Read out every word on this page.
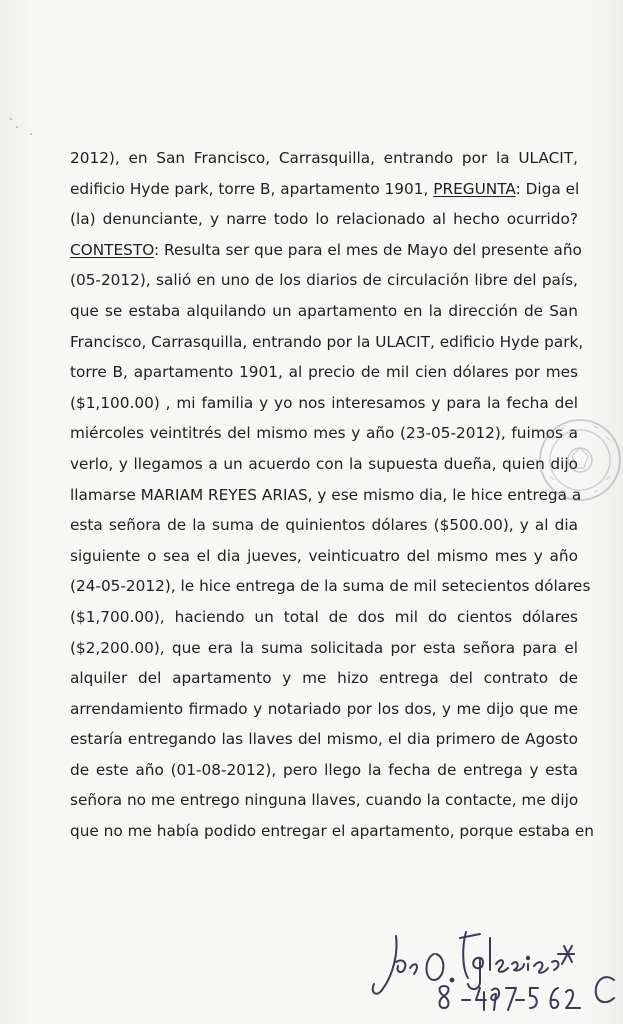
2012), en San Francisco, Carrasquilla, entrando por la ULACIT,
edificio Hyde park, torre B, apartamento 1901, PREGUNTA: Diga el
(la) denunciante, y narre todo lo relacionado al hecho ocurrido?
CONTESTO: Resulta ser que para el mes de Mayo del presente año
(05-2012), salió en uno de los diarios de circulación libre del país,
que se estaba alquilando un apartamento en la dirección de San
Francisco, Carrasquilla, entrando por la ULACIT, edificio Hyde park,
torre B, apartamento 1901, al precio de mil cien dólares por mes
($1,100.00) , mi familia y yo nos interesamos y para la fecha del
miércoles veintitrés del mismo mes y año (23-05-2012), fuimos a
verlo, y llegamos a un acuerdo con la supuesta dueña, quien dijo
llamarse MARIAM REYES ARIAS, y ese mismo dia, le hice entrega a
esta señora de la suma de quinientos dólares ($500.00), y al dia
siguiente o sea el dia jueves, veinticuatro del mismo mes y año
(24-05-2012), le hice entrega de la suma de mil setecientos dólares
($1,700.00), haciendo un total de dos mil do cientos dólares
($2,200.00), que era la suma solicitada por esta señora para el
alquiler del apartamento y me hizo entrega del contrato de
arrendamiento firmado y notariado por los dos, y me dijo que me
estaría entregando las llaves del mismo, el dia primero de Agosto
de este año (01-08-2012), pero llego la fecha de entrega y esta
señora no me entrego ninguna llaves, cuando la contacte, me dijo
que no me había podido entregar el apartamento, porque estaba en
